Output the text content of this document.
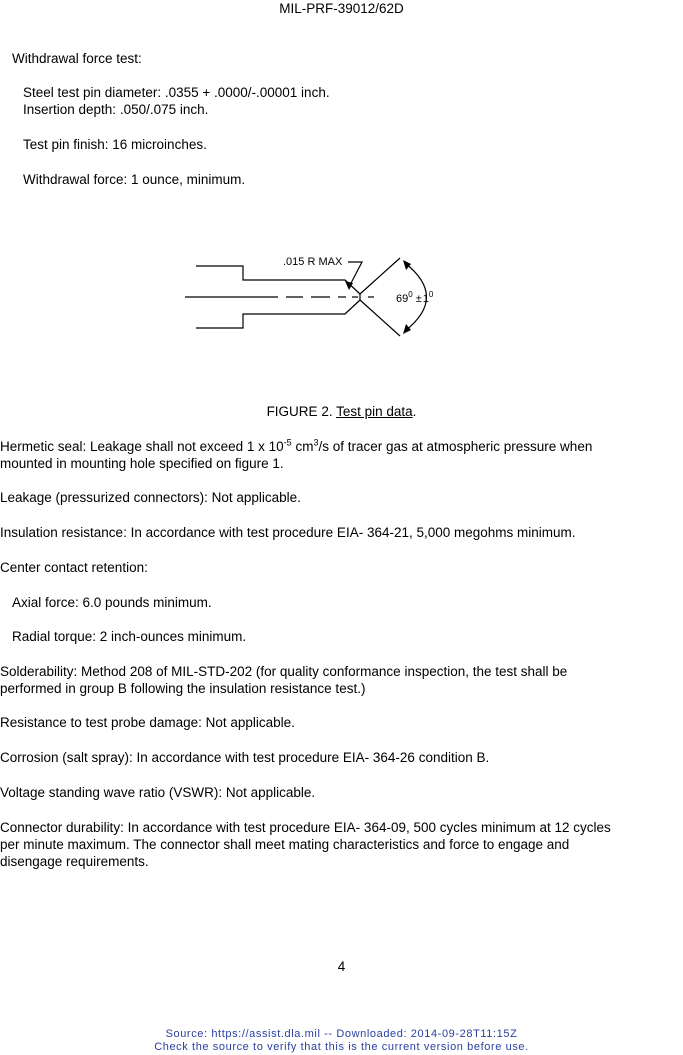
MIL-PRF-39012/62D
Withdrawal force test:
Steel test pin diameter: .0355 + .0000/-.00001 inch.
Insertion depth: .050/.075 inch.
Test pin finish: 16 microinches.
Withdrawal force: 1 ounce, minimum.
.015 R MAX
$69^0 \pm 1^0$
FIGURE 2. Test pin data.
Hermetic seal: Leakage shall not exceed 1 x $10^{-5}$ $cm^3/s$ of tracer gas at atmospheric pressure when
mounted in mounting hole specified on figure 1.
Leakage (pressurized connectors): Not applicable.
Insulation resistance: In accordance with test procedure EIA- 364-21, 5,000 megohms minimum.
Center contact retention:
Axial force: 6.0 pounds minimum.
Radial torque: 2 inch-ounces minimum.
Solderability: Method 208 of MIL-STD-202 (for quality conformance inspection, the test shall be
performed in group B following the insulation resistance test.)
Resistance to test probe damage: Not applicable.
Corrosion (salt spray): In accordance with test procedure EIA- 364-26 condition B.
Voltage standing wave ratio (VSWR): Not applicable.
Connector durability: In accordance with test procedure EIA- 364-09, 500 cycles minimum at 12 cycles
per minute maximum. The connector shall meet mating characteristics and force to engage and
disengage requirements.
4
Source: https://assist.dla.mil -- Downloaded: 2014-09-28T11:15Z
Check the source to verify that this is the current version before use.
